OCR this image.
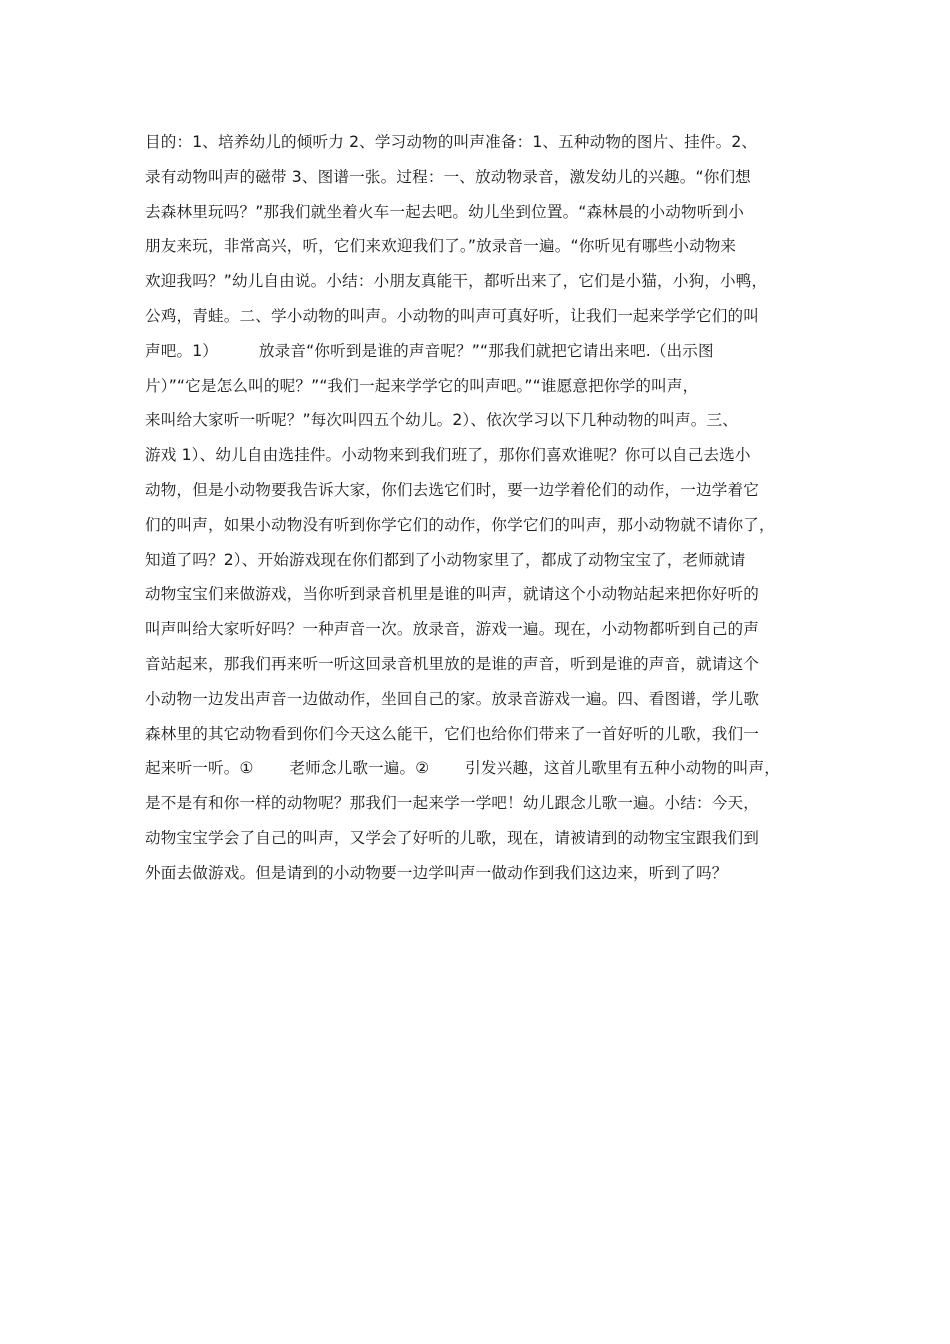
目的：1、培养幼儿的倾听力 2、学习动物的叫声准备：1、五种动物的图片、挂件。2、
录有动物叫声的磁带 3、图谱一张。过程：一、放动物录音，激发幼儿的兴趣。“你们想
去森林里玩吗？”那我们就坐着火车一起去吧。幼儿坐到位置。“森林晨的小动物听到小
朋友来玩，非常高兴，听，它们来欢迎我们了。”放录音一遍。“你听见有哪些小动物来
欢迎我吗？”幼儿自由说。小结：小朋友真能干，都听出来了，它们是小猫，小狗，小鸭，
公鸡，青蛙。二、学小动物的叫声。小动物的叫声可真好听，让我们一起来学学它们的叫
声吧。1）        放录音“你听到是谁的声音呢？”“那我们就把它请出来吧.（出示图
片）”“它是怎么叫的呢？”“我们一起来学学它的叫声吧。”“谁愿意把你学的叫声，
来叫给大家听一听呢？”每次叫四五个幼儿。2）、依次学习以下几种动物的叫声。三、
游戏 1）、幼儿自由选挂件。小动物来到我们班了，那你们喜欢谁呢？你可以自己去选小
动物，但是小动物要我告诉大家，你们去选它们时，要一边学着伦们的动作，一边学着它
们的叫声，如果小动物没有听到你学它们的动作，你学它们的叫声，那小动物就不请你了，
知道了吗？2）、开始游戏现在你们都到了小动物家里了，都成了动物宝宝了，老师就请
动物宝宝们来做游戏，当你听到录音机里是谁的叫声，就请这个小动物站起来把你好听的
叫声叫给大家听好吗？一种声音一次。放录音，游戏一遍。现在，小动物都听到自己的声
音站起来，那我们再来听一听这回录音机里放的是谁的声音，听到是谁的声音，就请这个
小动物一边发出声音一边做动作，坐回自己的家。放录音游戏一遍。四、看图谱，学儿歌
森林里的其它动物看到你们今天这么能干，它们也给你们带来了一首好听的儿歌，我们一
起来听一听。①       老师念儿歌一遍。②       引发兴趣，这首儿歌里有五种小动物的叫声，
是不是有和你一样的动物呢？那我们一起来学一学吧！幼儿跟念儿歌一遍。小结：今天，
动物宝宝学会了自己的叫声，又学会了好听的儿歌，现在，请被请到的动物宝宝跟我们到
外面去做游戏。但是请到的小动物要一边学叫声一做动作到我们这边来，听到了吗？
